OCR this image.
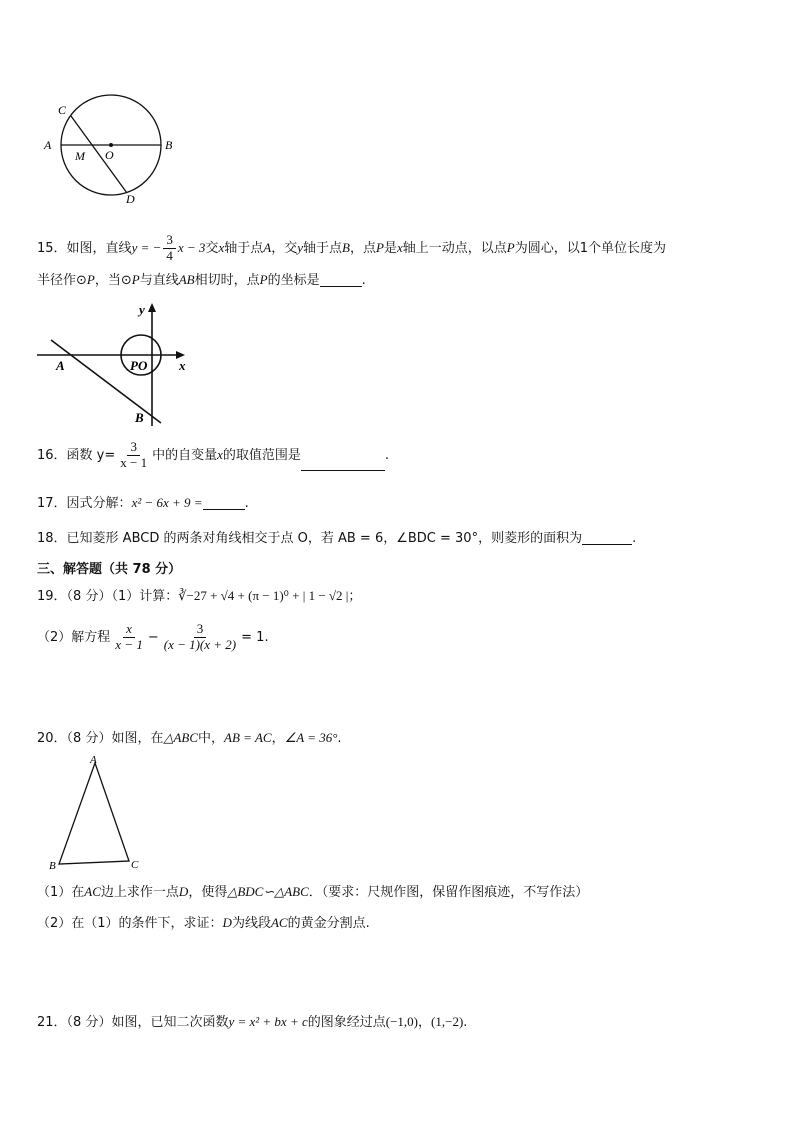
C
A
M O
B
D
15．如图，直线y = − $\frac{3}{4}$ x − 3交x轴于点A，交y轴于点B，点P是x轴上一动点，以点P为圆心，以1个单位长度为
半径作⊙P，当⊙P与直线AB相切时，点P的坐标是	.
y
x
A	PO
B
16．函数 $y= \frac{3}{x - 1}$ 中的自变量x的取值范围是	.
17．因式分解：x² − 6x + 9 =	.
18．已知菱形 ABCD 的两条对角线相交于点 O，若 AB = 6，∠BDC = 30°，则菱形的面积为	.
三、解答题（共 78 分）
19．（8 分）（1）计算：∛−27 + √4 + (π − 1)⁰ + | 1 − √2 |；
（2）解方程 $\frac{x}{x - 1} - \frac{3}{(x - 1)(x + 2)} = 1$.
20．（8 分）如图，在△ABC中，AB = AC，∠A = 36°.
A
B	C
（1）在AC边上求作一点D，使得△BDC∽△ABC．（要求：尺规作图，保留作图痕迹，不写作法）
（2）在（1）的条件下，求证：D为线段AC的黄金分割点.
21．（8 分）如图，已知二次函数y = x² + bx + c的图象经过点(−1,0)，(1,−2).
